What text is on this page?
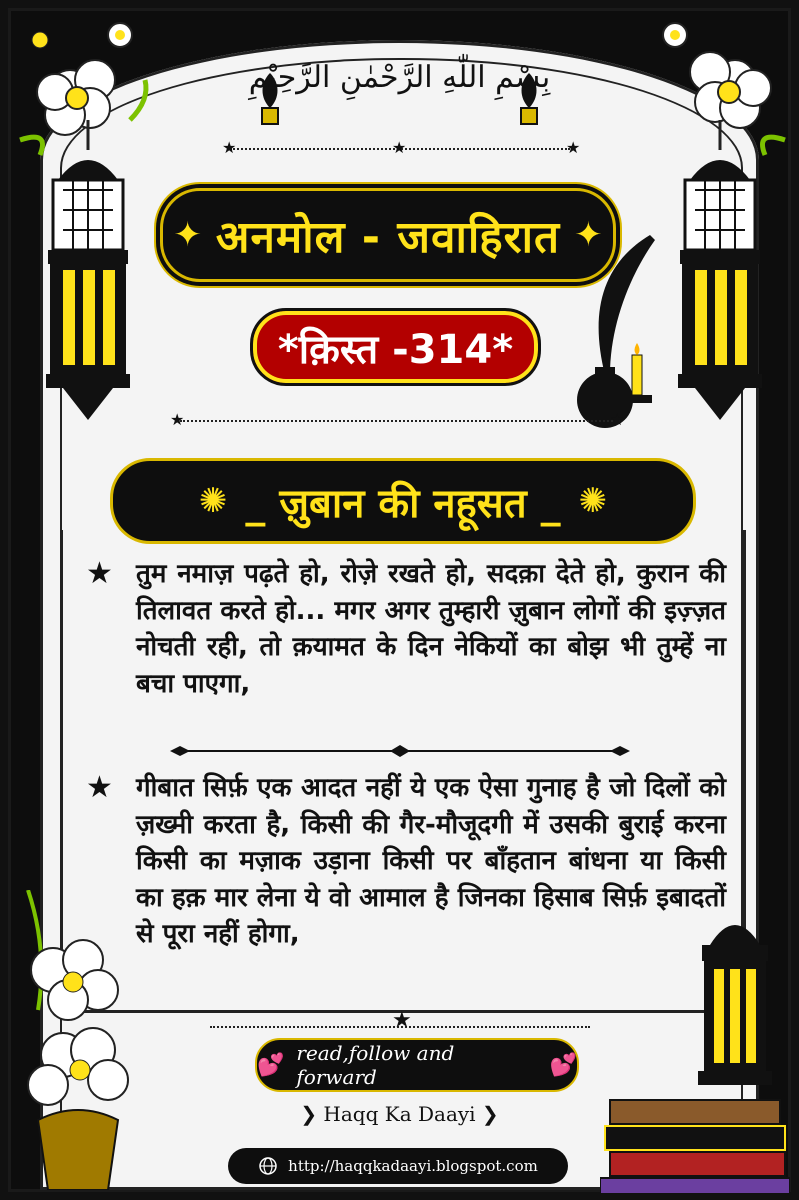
بِسْمِ اللّٰهِ الرَّحْمٰنِ الرَّحِيْمِ
★	★	★
✦ अनमोल - जवाहिरात ✦
*क़िस्त -314*
★	★
✺ _ ज़ुबान की नहूसत _ ✺
★ तुम नमाज़ पढ़ते हो, रोज़े रखते हो, सदक़ा देते हो, कुरान की तिलावत करते हो... मगर अगर तुम्हारी ज़ुबान लोगों की इज़्ज़त नोचती रही, तो क़यामत के दिन नेकियों का बोझ भी तुम्हें ना बचा पाएगा,
★ गीबात सिर्फ़ एक आदत नहीं ये एक ऐसा गुनाह है जो दिलों को ज़ख्मी करता है, किसी की गैर-मौजूदगी में उसकी बुराई करना किसी का मज़ाक उड़ाना किसी पर बाँहतान बांधना या किसी का हक़ मार लेना ये वो आमाल है जिनका हिसाब सिर्फ़ इबादतों से पूरा नहीं होगा,
★
💕 read,follow and forward	💕
❯ Haqq Ka Daayi ❯
http://haqqkadaayi.blogspot.com
